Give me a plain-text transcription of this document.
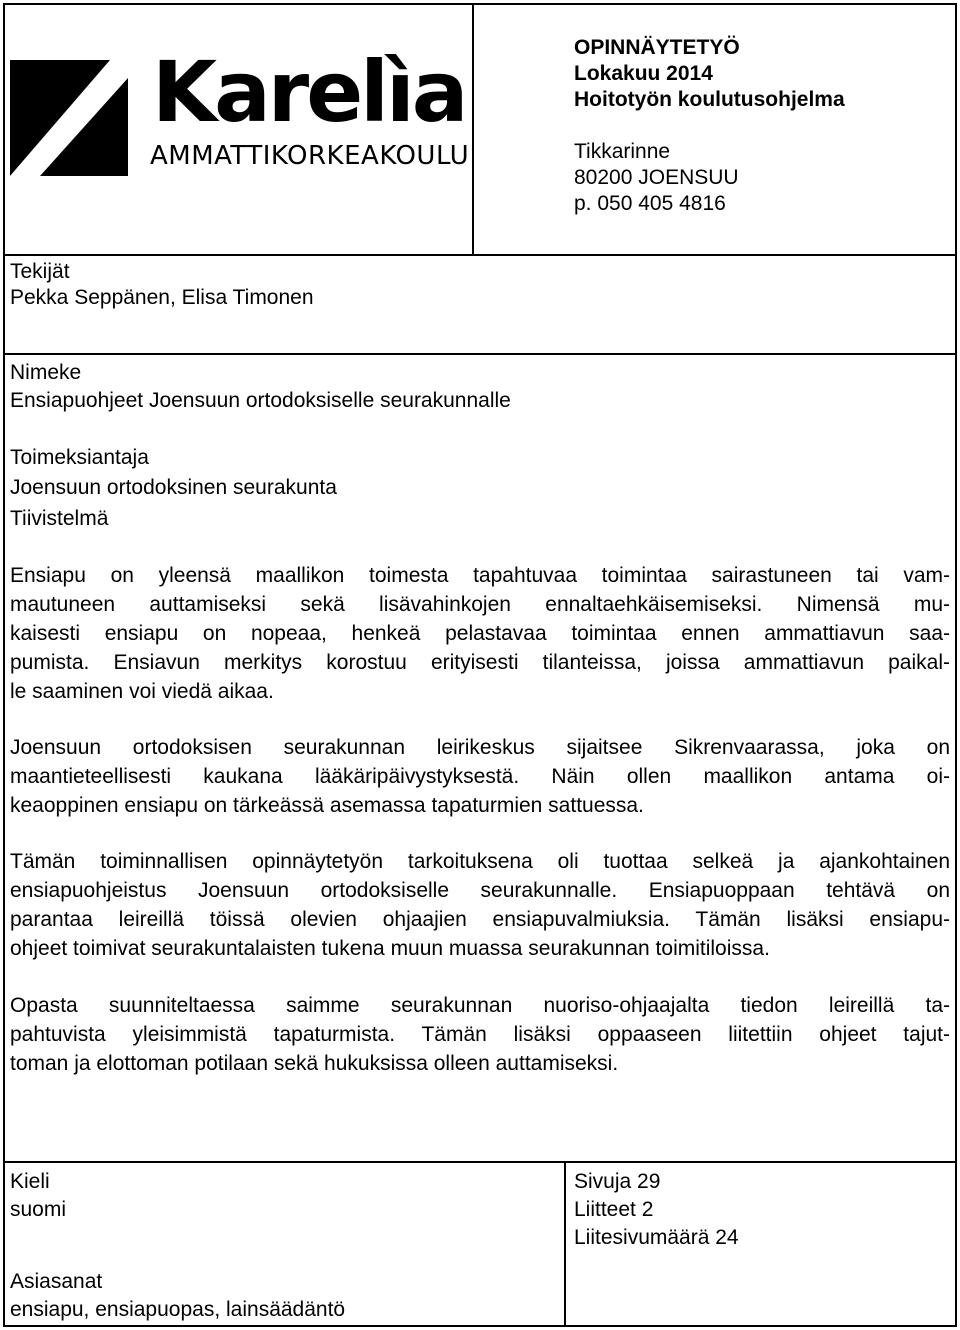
Karelìa
AMMATTIKORKEAKOULU
OPINNÄYTETYÖ
Lokakuu 2014
Hoitotyön koulutusohjelma
Tikkarinne
80200 JOENSUU
p. 050 405 4816
Tekijät
Pekka Seppänen, Elisa Timonen
Nimeke
Ensiapuohjeet Joensuun ortodoksiselle seurakunnalle
Toimeksiantaja
Joensuun ortodoksinen seurakunta
Tiivistelmä
Ensiapu on yleensä maallikon toimesta tapahtuvaa toimintaa sairastuneen tai vam-
mautuneen auttamiseksi sekä lisävahinkojen ennaltaehkäisemiseksi. Nimensä mu-
kaisesti ensiapu on nopeaa, henkeä pelastavaa toimintaa ennen ammattiavun saa-
pumista. Ensiavun merkitys korostuu erityisesti tilanteissa, joissa ammattiavun paikal-
le saaminen voi viedä aikaa.
Joensuun ortodoksisen seurakunnan leirikeskus sijaitsee Sikrenvaarassa, joka on
maantieteellisesti kaukana lääkäripäivystyksestä. Näin ollen maallikon antama oi-
keaoppinen ensiapu on tärkeässä asemassa tapaturmien sattuessa.
Tämän toiminnallisen opinnäytetyön tarkoituksena oli tuottaa selkeä ja ajankohtainen
ensiapuohjeistus Joensuun ortodoksiselle seurakunnalle. Ensiapuoppaan tehtävä on
parantaa leireillä töissä olevien ohjaajien ensiapuvalmiuksia. Tämän lisäksi ensiapu-
ohjeet toimivat seurakuntalaisten tukena muun muassa seurakunnan toimitiloissa.
Opasta suunniteltaessa saimme seurakunnan nuoriso-ohjaajalta tiedon leireillä ta-
pahtuvista yleisimmistä tapaturmista. Tämän lisäksi oppaaseen liitettiin ohjeet tajut-
toman ja elottoman potilaan sekä hukuksissa olleen auttamiseksi.
Kieli
suomi
Sivuja 29
Liitteet 2
Liitesivumäärä 24
Asiasanat
ensiapu, ensiapuopas, lainsäädäntö
